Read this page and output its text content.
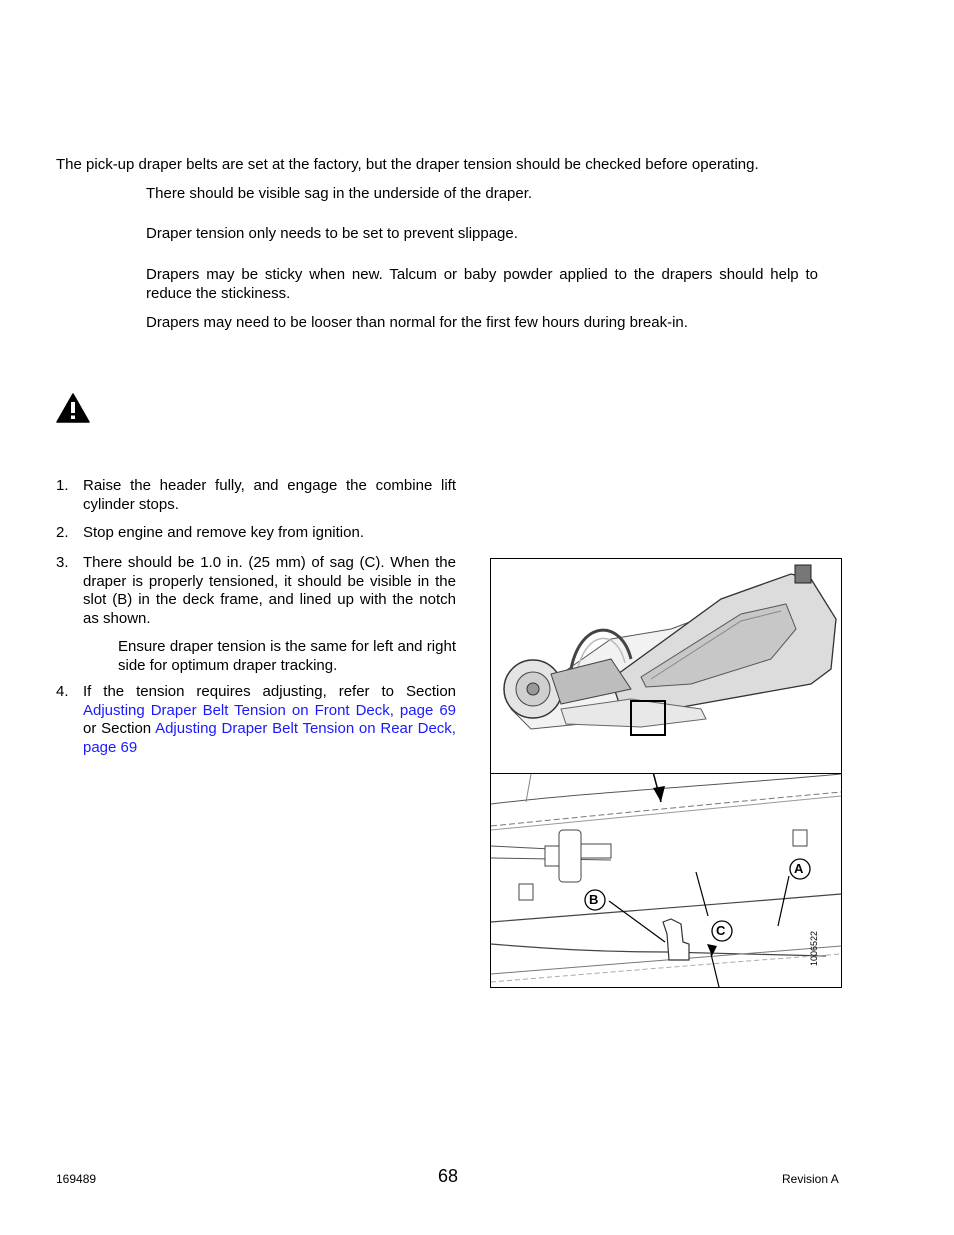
The pick-up draper belts are set at the factory, but the draper tension should be checked before operating.

There should be visible sag in the underside of the draper.

Draper tension only needs to be set to prevent slippage.

Drapers may be sticky when new. Talcum or baby powder applied to the drapers should help to reduce the stickiness.

Drapers may need to be looser than normal for the first few hours during break-in.

1. Raise the header fully, and engage the combine lift cylinder stops.
2. Stop engine and remove key from ignition.
3. There should be 1.0 in. (25 mm) of sag (C). When the draper is properly tensioned, it should be visible in the slot (B) in the deck frame, and lined up with the notch as shown.
Ensure draper tension is the same for left and right side for optimum draper tracking.
4. If the tension requires adjusting, refer to Section Adjusting Draper Belt Tension on Front Deck, page 69 or Section Adjusting Draper Belt Tension on Rear Deck, page 69
B
A
C
1006522
169489	68	Revision A
